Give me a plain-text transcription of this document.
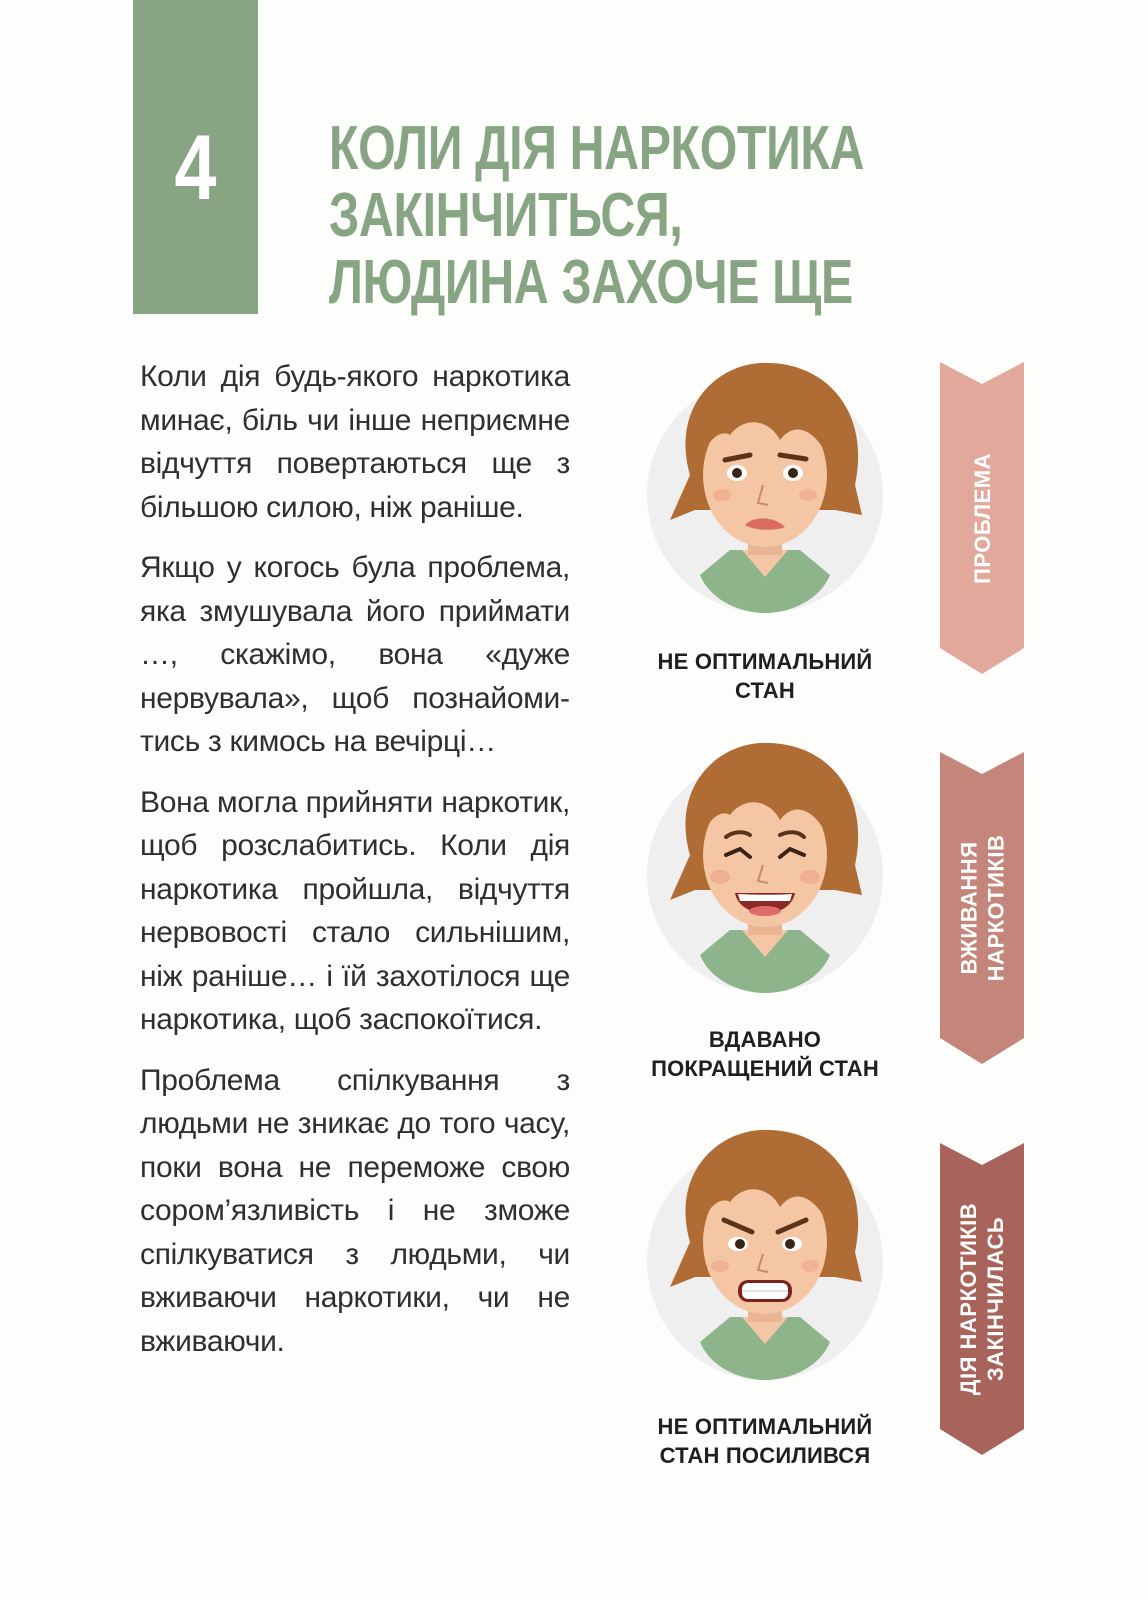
4	КОЛИ ДІЯ НАРКОТИКА
ЗАКІНЧИТЬСЯ,
ЛЮДИНА ЗАХОЧЕ ЩЕ

Коли дія будь-якого наркотика минає, біль чи інше неприємне відчуття повертаються ще з більшою силою, ніж раніше.

Якщо у когось була проблема, яка змушувала його приймати …, скажімо, вона «дуже нервувала», щоб познайомитись з кимось на вечірці…

Вона могла прийняти наркотик, щоб розслабитись. Коли дія наркотика пройшла, відчуття нервовості стало сильнішим, ніж раніше… і їй захотілося ще наркотика, щоб заспокоїтися.

Проблема спілкування з людьми не зникає до того часу, поки вона не переможе свою сором’язливість і не зможе спілкуватися з людьми, чи вживаючи наркотики, чи не вживаючи.

НЕ ОПТИМАЛЬНИЙ
СТАН
ПРОБЛЕМА
ВДАВАНО
ПОКРАЩЕНИЙ СТАН
ВЖИВАННЯ НАРКОТИКІВ
НЕ ОПТИМАЛЬНИЙ
СТАН ПОСИЛИВСЯ
ДІЯ НАРКОТИКІВ ЗАКІНЧИЛАСЬ
